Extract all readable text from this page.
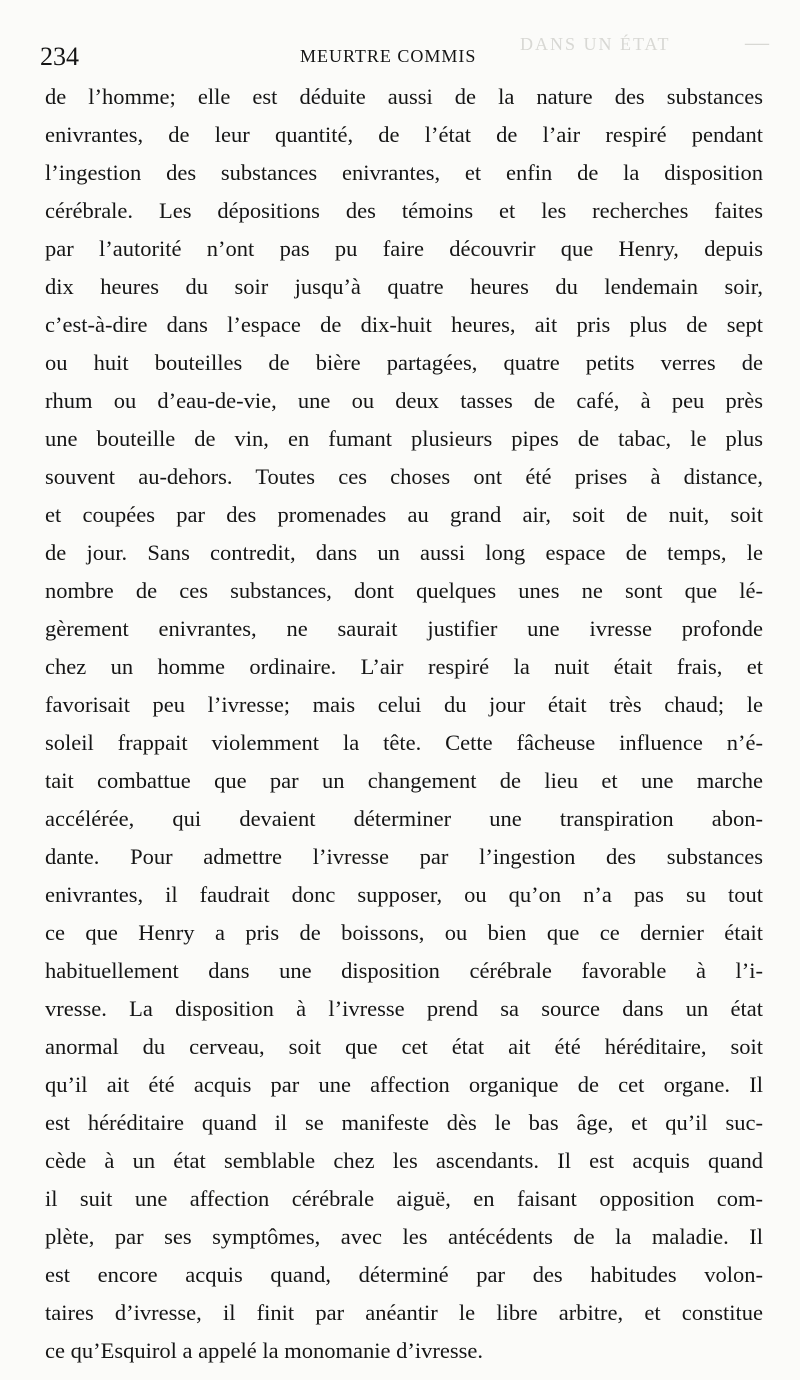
DANS UN ÉTAT	—
234	MEURTRE COMMIS
de l’homme; elle est déduite aussi de la nature des substances
enivrantes, de leur quantité, de l’état de l’air respiré pendant
l’ingestion des substances enivrantes, et enfin de la disposition
cérébrale. Les dépositions des témoins et les recherches faites
par l’autorité n’ont pas pu faire découvrir que Henry, depuis
dix heures du soir jusqu’à quatre heures du lendemain soir,
c’est-à-dire dans l’espace de dix-huit heures, ait pris plus de sept
ou huit bouteilles de bière partagées, quatre petits verres de
rhum ou d’eau-de-vie, une ou deux tasses de café, à peu près
une bouteille de vin, en fumant plusieurs pipes de tabac, le plus
souvent au-dehors. Toutes ces choses ont été prises à distance,
et coupées par des promenades au grand air, soit de nuit, soit
de jour. Sans contredit, dans un aussi long espace de temps, le
nombre de ces substances, dont quelques unes ne sont que lé-
gèrement enivrantes, ne saurait justifier une ivresse profonde
chez un homme ordinaire. L’air respiré la nuit était frais, et
favorisait peu l’ivresse; mais celui du jour était très chaud; le
soleil frappait violemment la tête. Cette fâcheuse influence n’é-
tait combattue que par un changement de lieu et une marche
accélérée, qui devaient déterminer une transpiration abon-
dante. Pour admettre l’ivresse par l’ingestion des substances
enivrantes, il faudrait donc supposer, ou qu’on n’a pas su tout
ce que Henry a pris de boissons, ou bien que ce dernier était
habituellement dans une disposition cérébrale favorable à l’i-
vresse. La disposition à l’ivresse prend sa source dans un état
anormal du cerveau, soit que cet état ait été héréditaire, soit
qu’il ait été acquis par une affection organique de cet organe. Il
est héréditaire quand il se manifeste dès le bas âge, et qu’il suc-
cède à un état semblable chez les ascendants. Il est acquis quand
il suit une affection cérébrale aiguë, en faisant opposition com-
plète, par ses symptômes, avec les antécédents de la maladie. Il
est encore acquis quand, déterminé par des habitudes volon-
taires d’ivresse, il finit par anéantir le libre arbitre, et constitue
ce qu’Esquirol a appelé la monomanie d’ivresse.
